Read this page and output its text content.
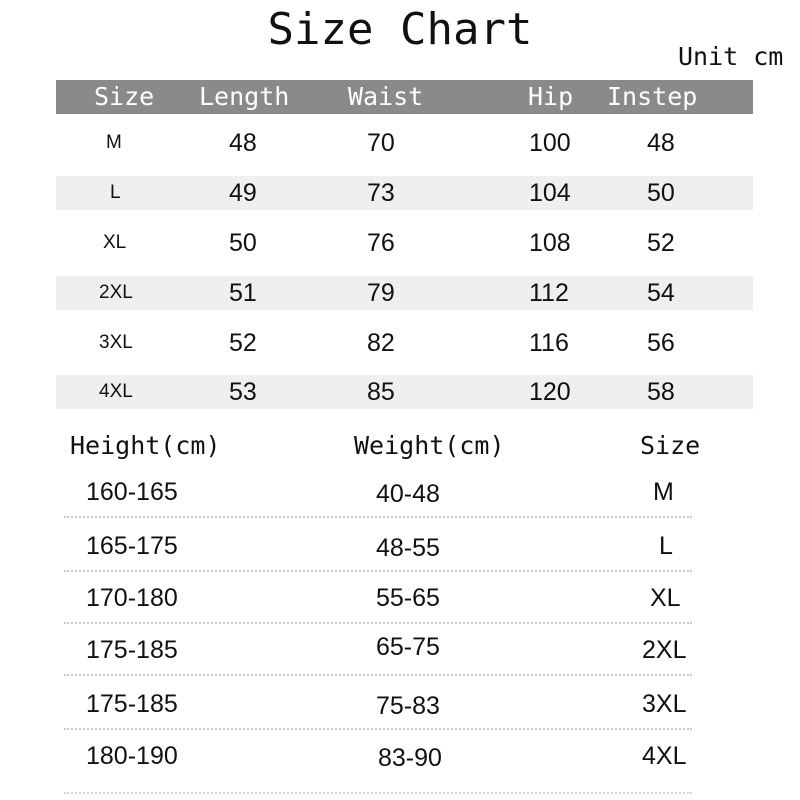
Size Chart
Unit cm
Size Length Waist	Hip Instep
M	48	70	100	48
L	49	73	104	50
XL	50	76	108	52
2XL	51	79	112	54
3XL	52	82	116	56
4XL	53	85	120	58
Height(cm)	Weight(cm)	Size
160-165	40-48	M
165-175	48-55	L
170-180	55-65	XL
175-185	65-75	2XL
175-185	75-83	3XL
180-190	83-90	4XL
